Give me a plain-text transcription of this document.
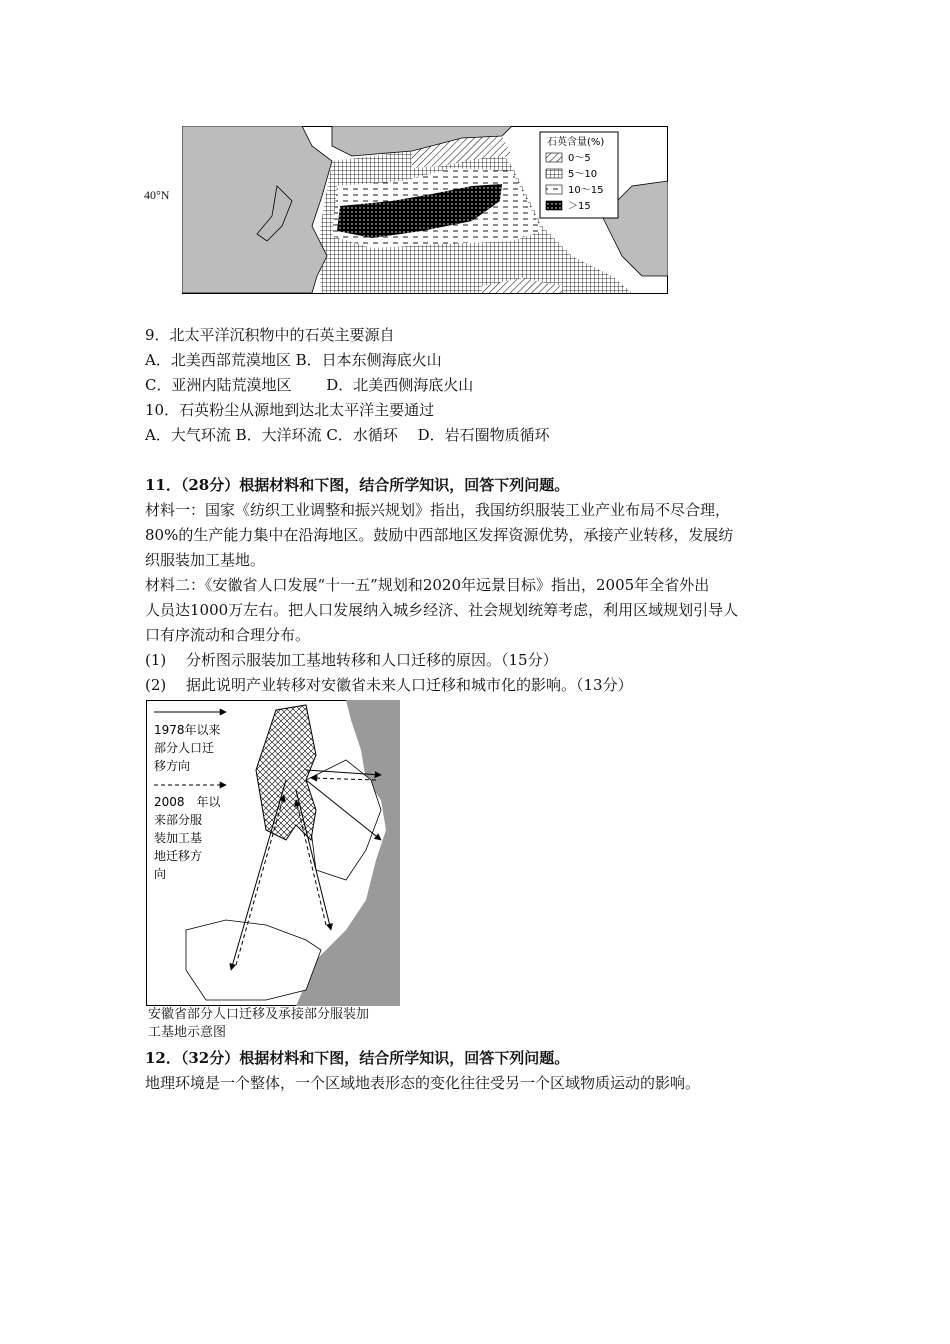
40°N
石英含量(%)
0～5
5～10
10～15
＞15
9．北太平洋沉积物中的石英主要源自
A．北美西部荒漠地区 B．日本东侧海底火山
C．亚洲内陆荒漠地区　　 D．北美西侧海底火山
10．石英粉尘从源地到达北太平洋主要通过
A．大气环流 B．大洋环流 C．水循环　 D．岩石圈物质循环
11．（28分）根据材料和下图，结合所学知识，回答下列问题。
材料一：国家《纺织工业调整和振兴规划》指出，我国纺织服装工业产业布局不尽合理，
80%的生产能力集中在沿海地区。鼓励中西部地区发挥资源优势，承接产业转移，发展纺
织服装加工基地。
材料二：《安徽省人口发展“十一五”规划和2020年远景目标》指出，2005年全省外出
人员达1000万左右。把人口发展纳入城乡经济、社会规划统筹考虑，利用区域规划引导人
口有序流动和合理分布。
(1)　 分析图示服装加工基地转移和人口迁移的原因。（15分）
(2)　 据此说明产业转移对安徽省未来人口迁移和城市化的影响。（13分）
1978年以来
部分人口迁
移方向
2008　年以
来部分服
装加工基
地迁移方
向
安徽省部分人口迁移及承接部分服装加
工基地示意图
12．（32分）根据材料和下图，结合所学知识，回答下列问题。
地理环境是一个整体，一个区域地表形态的变化往往受另一个区域物质运动的影响。
